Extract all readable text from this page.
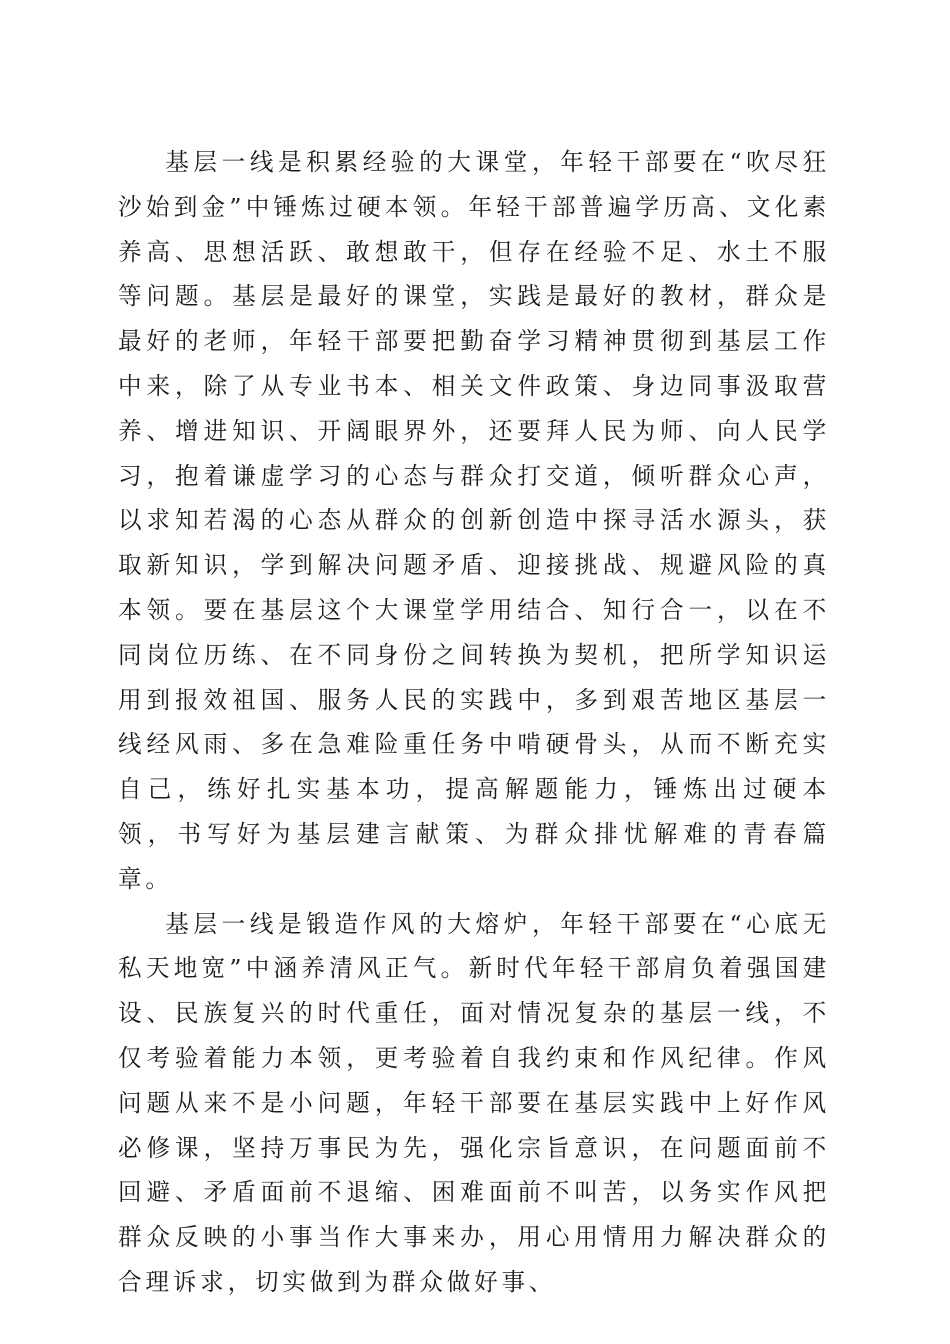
基层一线是积累经验的大课堂，年轻干部要在“吹尽狂沙始到金”中锤炼过硬本领。年轻干部普遍学历高、文化素养高、思想活跃、敢想敢干，但存在经验不足、水土不服等问题。基层是最好的课堂，实践是最好的教材，群众是最好的老师，年轻干部要把勤奋学习精神贯彻到基层工作中来，除了从专业书本、相关文件政策、身边同事汲取营养、增进知识、开阔眼界外，还要拜人民为师、向人民学习，抱着谦虚学习的心态与群众打交道，倾听群众心声，以求知若渴的心态从群众的创新创造中探寻活水源头，获取新知识，学到解决问题矛盾、迎接挑战、规避风险的真本领。要在基层这个大课堂学用结合、知行合一，以在不同岗位历练、在不同身份之间转换为契机，把所学知识运用到报效祖国、服务人民的实践中，多到艰苦地区基层一线经风雨、多在急难险重任务中啃硬骨头，从而不断充实自己，练好扎实基本功，提高解题能力，锤炼出过硬本领，书写好为基层建言献策、为群众排忧解难的青春篇章。

基层一线是锻造作风的大熔炉，年轻干部要在“心底无私天地宽”中涵养清风正气。新时代年轻干部肩负着强国建设、民族复兴的时代重任，面对情况复杂的基层一线，不仅考验着能力本领，更考验着自我约束和作风纪律。作风问题从来不是小问题，年轻干部要在基层实践中上好作风必修课，坚持万事民为先，强化宗旨意识，在问题面前不回避、矛盾面前不退缩、困难面前不叫苦，以务实作风把群众反映的小事当作大事来办，用心用情用力解决群众的合理诉求，切实做到为群众做好事、
